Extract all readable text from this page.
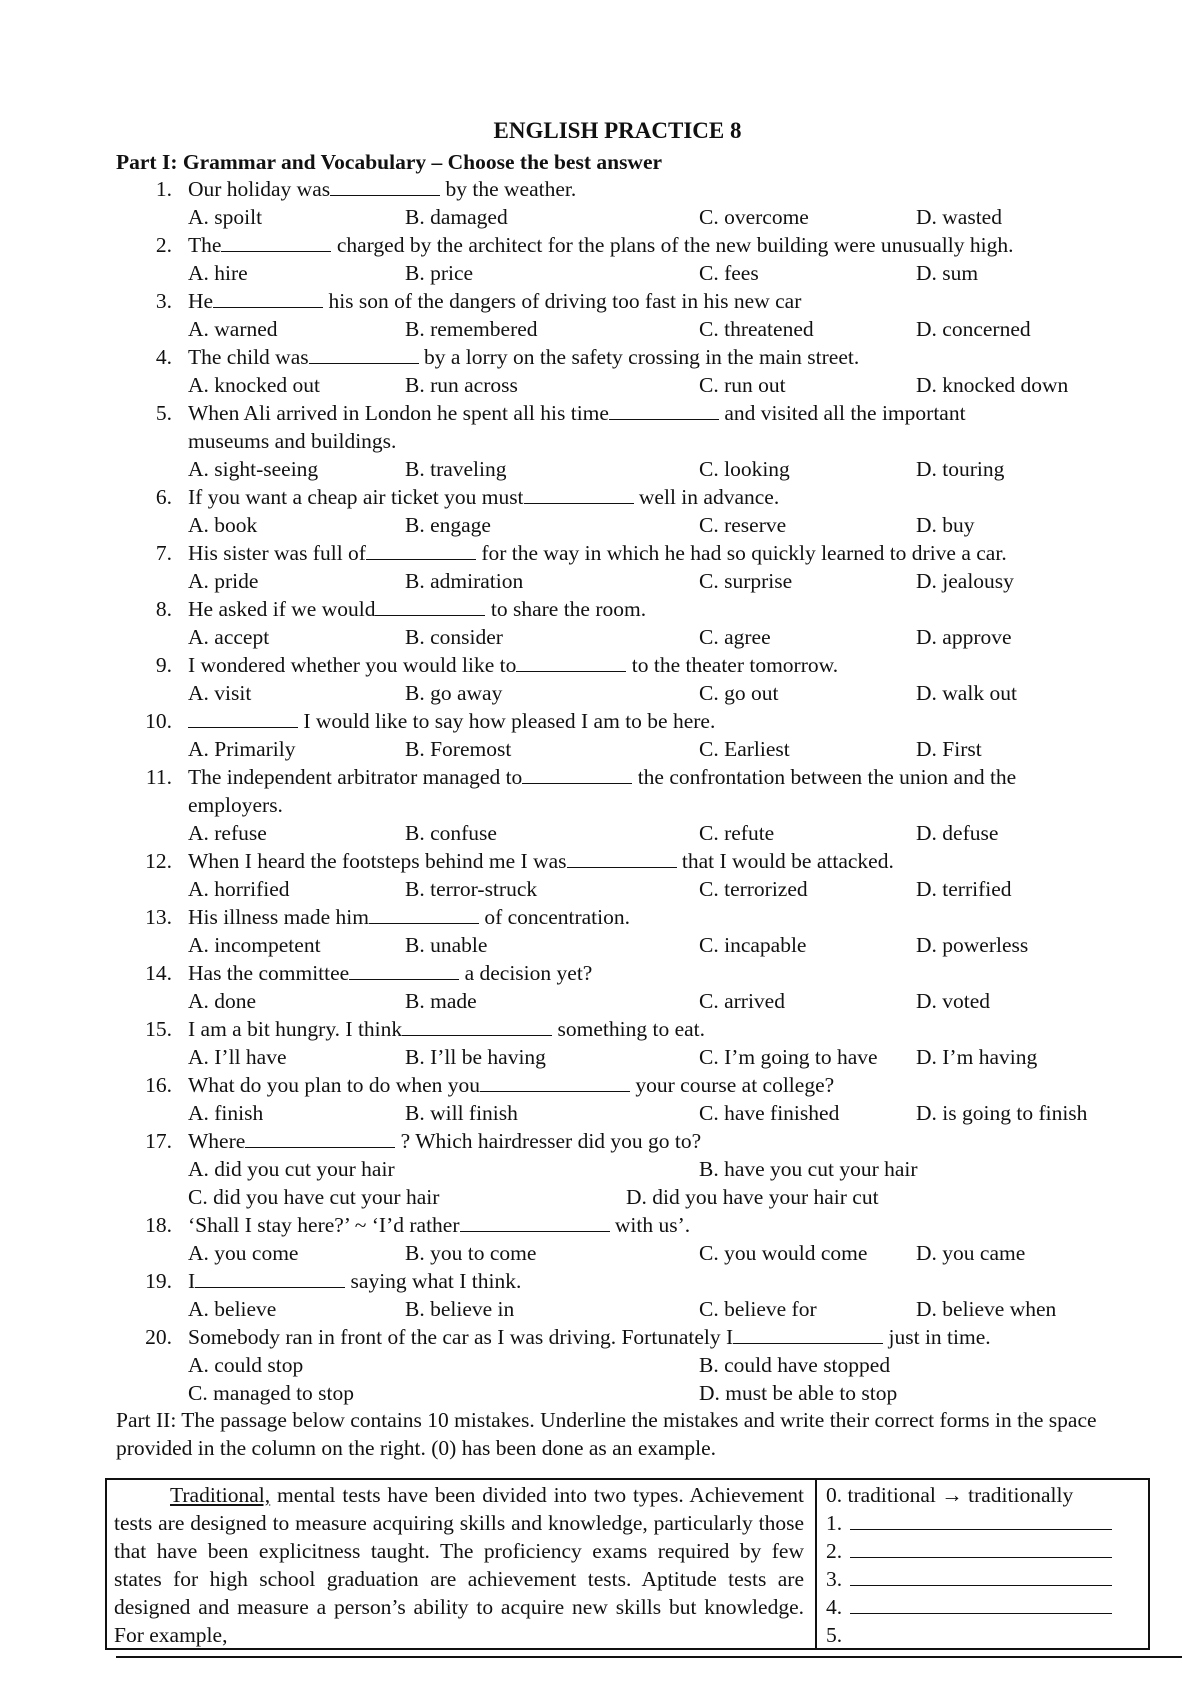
ENGLISH PRACTICE 8
Part I: Grammar and Vocabulary – Choose the best answer
1. Our holiday was	by the weather.
A. spoilt	B. damaged	C. overcome	D. wasted
2. The	charged by the architect for the plans of the new building were unusually high.
A. hire	B. price	C. fees	D. sum
3. He	his son of the dangers of driving too fast in his new car
A. warned	B. remembered	C. threatened	D. concerned
4. The child was	by a lorry on the safety crossing in the main street.
A. knocked out	B. run across	C. run out	D. knocked down
5. When Ali arrived in London he spent all his time	and visited all the important
museums and buildings.
A. sight-seeing	B. traveling	C. looking	D. touring
6. If you want a cheap air ticket you must	well in advance.
A. book	B. engage	C. reserve	D. buy
7. His sister was full of	for the way in which he had so quickly learned to drive a car.
A. pride	B. admiration	C. surprise	D. jealousy
8. He asked if we would	to share the room.
A. accept	B. consider	C. agree	D. approve
9. I wondered whether you would like to	to the theater tomorrow.
A. visit	B. go away	C. go out	D. walk out
10.	I would like to say how pleased I am to be here.
A. Primarily	B. Foremost	C. Earliest	D. First
11. The independent arbitrator managed to	the confrontation between the union and the
employers.
A. refuse	B. confuse	C. refute	D. defuse
12. When I heard the footsteps behind me I was	that I would be attacked.
A. horrified	B. terror-struck	C. terrorized	D. terrified
13. His illness made him	of concentration.
A. incompetent	B. unable	C. incapable	D. powerless
14. Has the committee	a decision yet?
A. done	B. made	C. arrived	D. voted
15. I am a bit hungry. I think	something to eat.
A. I’ll have	B. I’ll be having	C. I’m going to have D. I’m having
16. What do you plan to do when you	your course at college?
A. finish	B. will finish	C. have finished	D. is going to finish
17. Where	? Which hairdresser did you go to?
A. did you cut your hair	B. have you cut your hair
C. did you have cut your hair	D. did you have your hair cut
18. ‘Shall I stay here?’ ~ ‘I’d rather	with us’.
A. you come	B. you to come	C. you would come D. you came
19. I	saying what I think.
A. believe	B. believe in	C. believe for	D. believe when
20. Somebody ran in front of the car as I was driving. Fortunately I	just in time.
A. could stop	B. could have stopped
C. managed to stop	D. must be able to stop
Part II: The passage below contains 10 mistakes. Underline the mistakes and write their correct forms in the space provided in the column on the right. (0) has been done as an example.

Traditional, mental tests have been divided into two types. Achievement tests are designed to measure acquiring skills and knowledge, particularly those that have been explicitness taught. The proficiency exams required by few states for high school graduation are achievement tests. Aptitude tests are designed and measure a person’s ability to acquire new skills but knowledge. For example,

0. traditional → traditionally
1.
2.
3.
4.
5.
